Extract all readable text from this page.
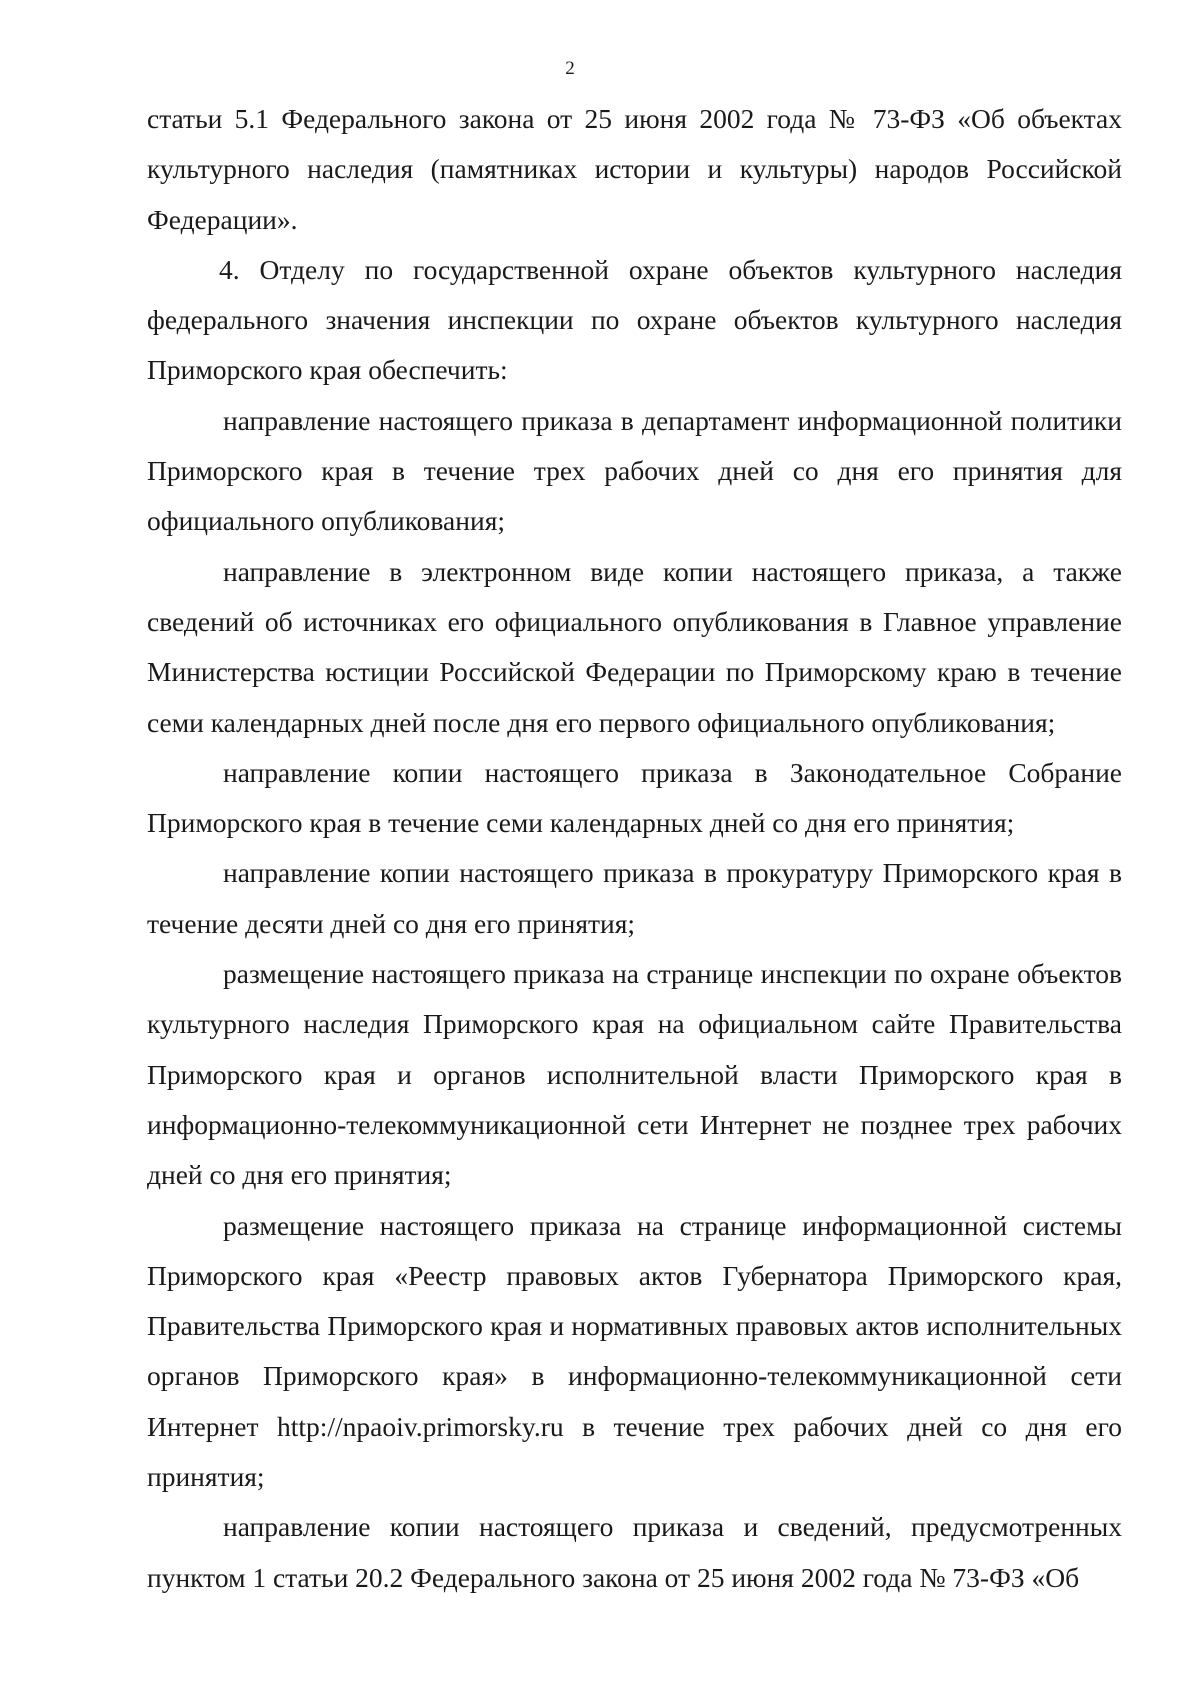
2

статьи 5.1 Федерального закона от 25 июня 2002 года № 73-ФЗ «Об объектах культурного наследия (памятниках истории и культуры) народов Российской Федерации».

4. Отделу по государственной охране объектов культурного наследия федерального значения инспекции по охране объектов культурного наследия Приморского края обеспечить:

направление настоящего приказа в департамент информационной политики Приморского края в течение трех рабочих дней со дня его принятия для официального опубликования;

направление в электронном виде копии настоящего приказа, а также сведений об источниках его официального опубликования в Главное управление Министерства юстиции Российской Федерации по Приморскому краю в течение семи календарных дней после дня его первого официального опубликования;

направление копии настоящего приказа в Законодательное Собрание Приморского края в течение семи календарных дней со дня его принятия;

направление копии настоящего приказа в прокуратуру Приморского края в течение десяти дней со дня его принятия;

размещение настоящего приказа на странице инспекции по охране объектов культурного наследия Приморского края на официальном сайте Правительства Приморского края и органов исполнительной власти Приморского края в информационно-телекоммуникационной сети Интернет не позднее трех рабочих дней со дня его принятия;

размещение настоящего приказа на странице информационной системы Приморского края «Реестр правовых актов Губернатора Приморского края, Правительства Приморского края и нормативных правовых актов исполнительных органов Приморского края» в информационно-телекоммуникационной сети Интернет http://npaoiv.primorsky.ru в течение трех рабочих дней со дня его принятия;

направление копии настоящего приказа и сведений, предусмотренных пунктом 1 статьи 20.2 Федерального закона от 25 июня 2002 года № 73-ФЗ «Об
